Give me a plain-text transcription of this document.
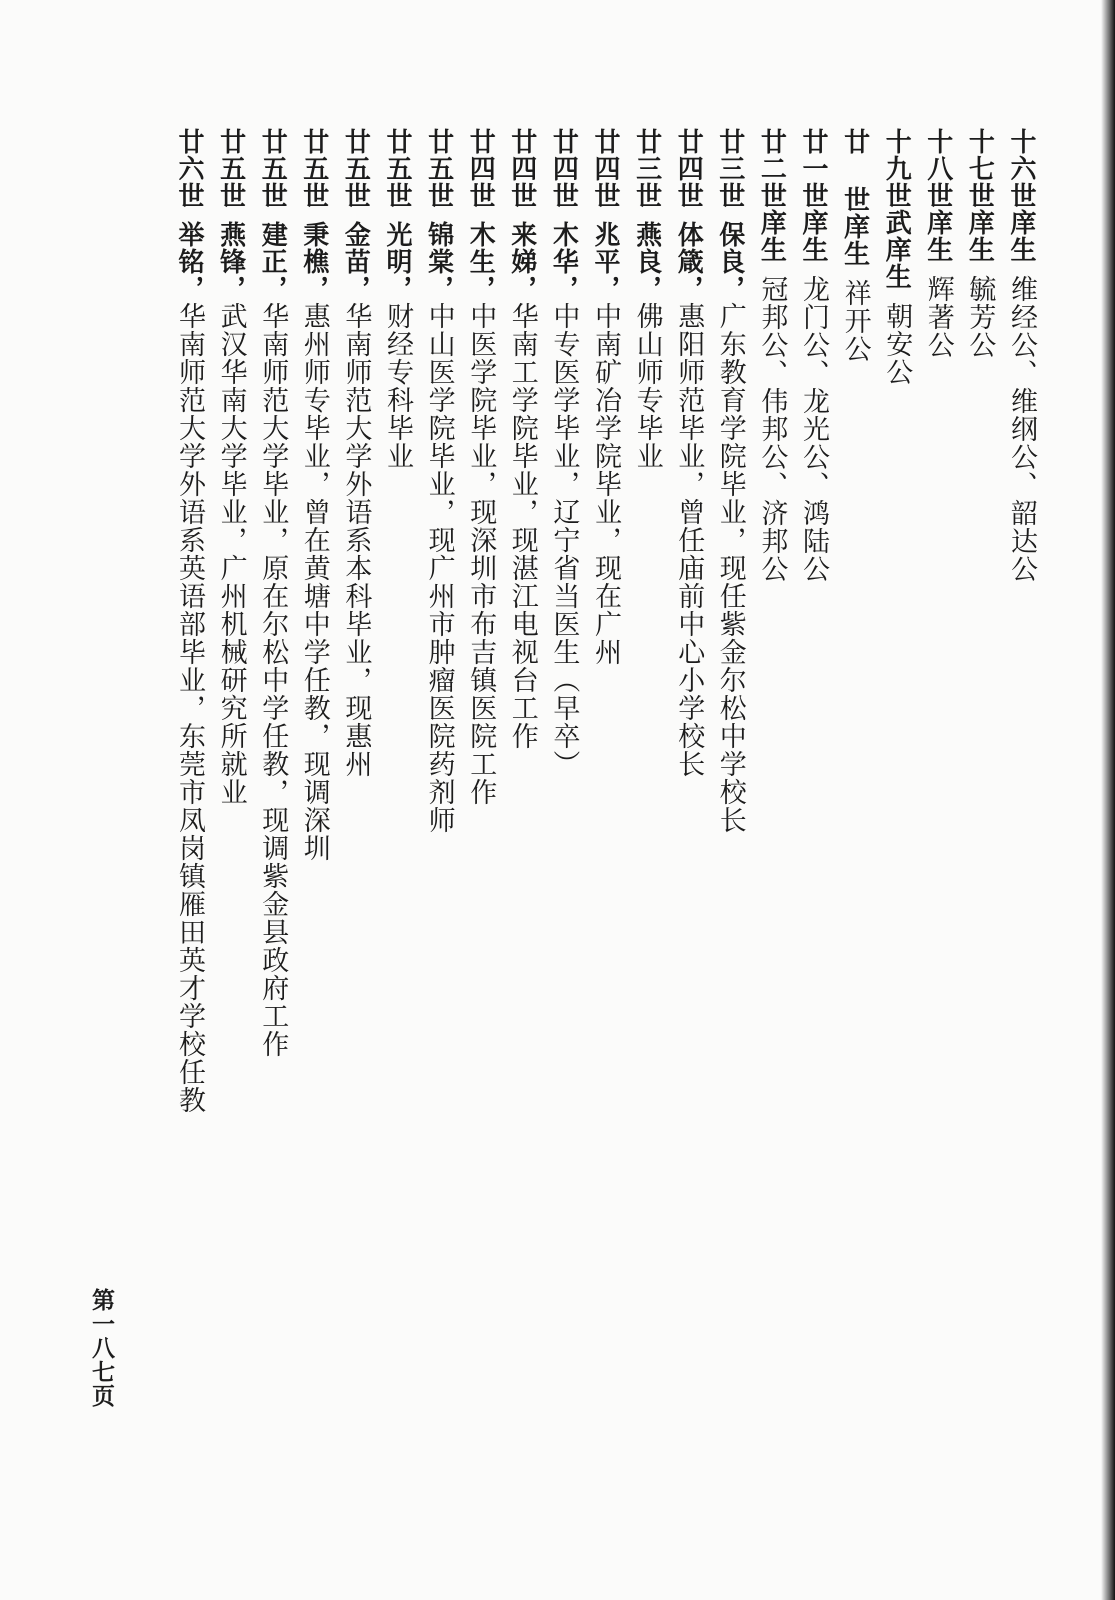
十六世庠生维经公、维纲公、韶达公
十七世庠生毓芳公
十八世庠生辉著公
十九世武庠生朝安公
廿 世庠生祥开公
廿一世庠生龙门公、龙光公、鸿陆公
廿二世庠生冠邦公、伟邦公、济邦公
廿三世保良，广东教育学院毕业，现任紫金尔松中学校长
廿四世体箴，惠阳师范毕业，曾任庙前中心小学校长
廿三世燕良，佛山师专毕业
廿四世兆平，中南矿冶学院毕业，现在广州
廿四世木华，中专医学毕业，辽宁省当医生（早卒）
廿四世来娣，华南工学院毕业，现湛江电视台工作
廿四世木生，中医学院毕业，现深圳市布吉镇医院工作
廿五世锦棠，中山医学院毕业，现广州市肿瘤医院药剂师
廿五世光明，财经专科毕业
廿五世金苗，华南师范大学外语系本科毕业，现惠州
廿五世秉樵，惠州师专毕业，曾在黄塘中学任教，现调深圳
廿五世建正，华南师范大学毕业，原在尔松中学任教，现调紫金县政府工作
廿五世燕锋，武汉华南大学毕业，广州机械研究所就业
廿六世举铭，华南师范大学外语系英语部毕业，东莞市凤岗镇雁田英才学校任教
第一八七页
